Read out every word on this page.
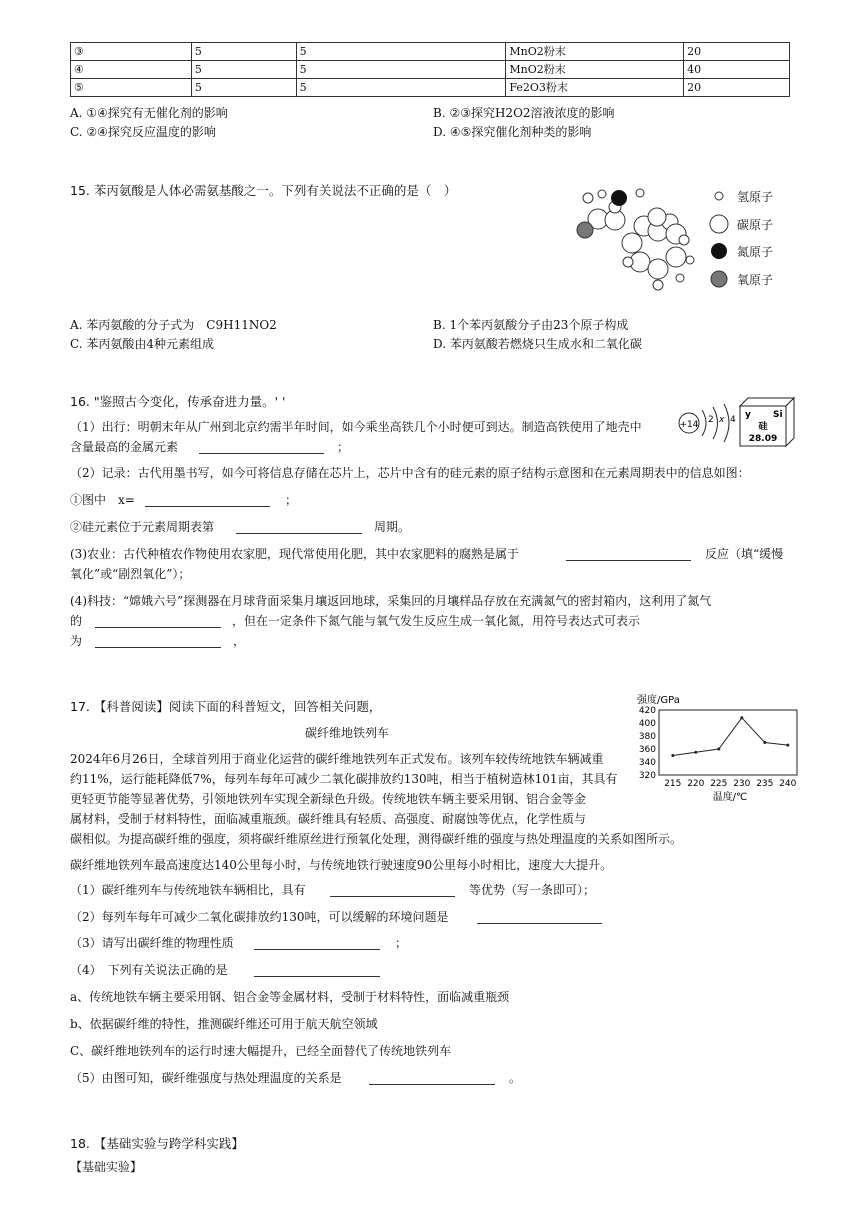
③	5	5	MnO2粉末	20
④	5	5	MnO2粉末	40
⑤	5	5	Fe2O3粉末	20
A. ①④探究有无催化剂的影响	B. ②③探究H2O2溶液浓度的影响
C. ②④探究反应温度的影响	D. ④⑤探究催化剂种类的影响
15. 苯丙氨酸是人体必需氨基酸之一。下列有关说法不正确的是（　）	氢原子
碳原子
氮原子
氧原子
A. 苯丙氨酸的分子式为　C9H11NO2	B. 1个苯丙氨酸分子由23个原子构成
C. 苯丙氨酸由4种元素组成	D. 苯丙氨酸若燃烧只生成水和二氧化碳
16. "鉴照古今变化，传承奋进力量。' '
（1）出行：明朝末年从广州到北京约需半年时间，如今乘坐高铁几个小时便可到达。制造高铁使用了地壳中
含量最高的金属元素	；
+14 2 x 4 y Si
硅
28.09
（2）记录：古代用墨书写，如今可将信息存储在芯片上，芯片中含有的硅元素的原子结构示意图和在元素周期表中的信息如图：
①图中　x=	；
②硅元素位于元素周期表第	周期。
(3)农业：古代种植农作物使用农家肥，现代常使用化肥，其中农家肥料的腐熟是属于	反应（填“缓慢
氧化”或“剧烈氧化”）；
(4)科技：“嫦娥六号”探测器在月球背面采集月壤返回地球，采集回的月壤样品存放在充满氮气的密封箱内，这利用了氮气
的	，但在一定条件下氮气能与氧气发生反应生成一氧化氮，用符号表达式可表示
为	，
17. 【科普阅读】阅读下面的科普短文，回答相关问题，
碳纤维地铁列车
强度/GPa
温度/℃
320
340
360
380
400
420
215 220 225 230 235 240
2024年6月26日，全球首列用于商业化运营的碳纤维地铁列车正式发布。该列车较传统地铁车辆减重
约11%，运行能耗降低7%，每列车每年可减少二氧化碳排放约130吨，相当于植树造林101亩，其具有
更轻更节能等显著优势，引领地铁列车实现全新绿色升级。传统地铁车辆主要采用钢、铝合金等金
属材料，受制于材料特性，面临减重瓶颈。碳纤维具有轻质、高强度、耐腐蚀等优点，化学性质与
碳相似。为提高碳纤维的强度，须将碳纤维原丝进行预氧化处理，测得碳纤维的强度与热处理温度的关系如图所示。
碳纤维地铁列车最高速度达140公里每小时，与传统地铁行驶速度90公里每小时相比，速度大大提升。
（1）碳纤维列车与传统地铁车辆相比，具有	等优势（写一条即可）；
（2）每列车每年可减少二氧化碳排放约130吨，可以缓解的环境问题是
（3）请写出碳纤维的物理性质	；
（4）　下列有关说法正确的是
a、传统地铁车辆主要采用钢、铝合金等金属材料，受制于材料特性，面临减重瓶颈
b、依据碳纤维的特性，推测碳纤维还可用于航天航空领域
C、碳纤维地铁列车的运行时速大幅提升，已经全面替代了传统地铁列车
（5）由图可知，碳纤维强度与热处理温度的关系是	。
18. 【基础实验与跨学科实践】
【基础实验】
